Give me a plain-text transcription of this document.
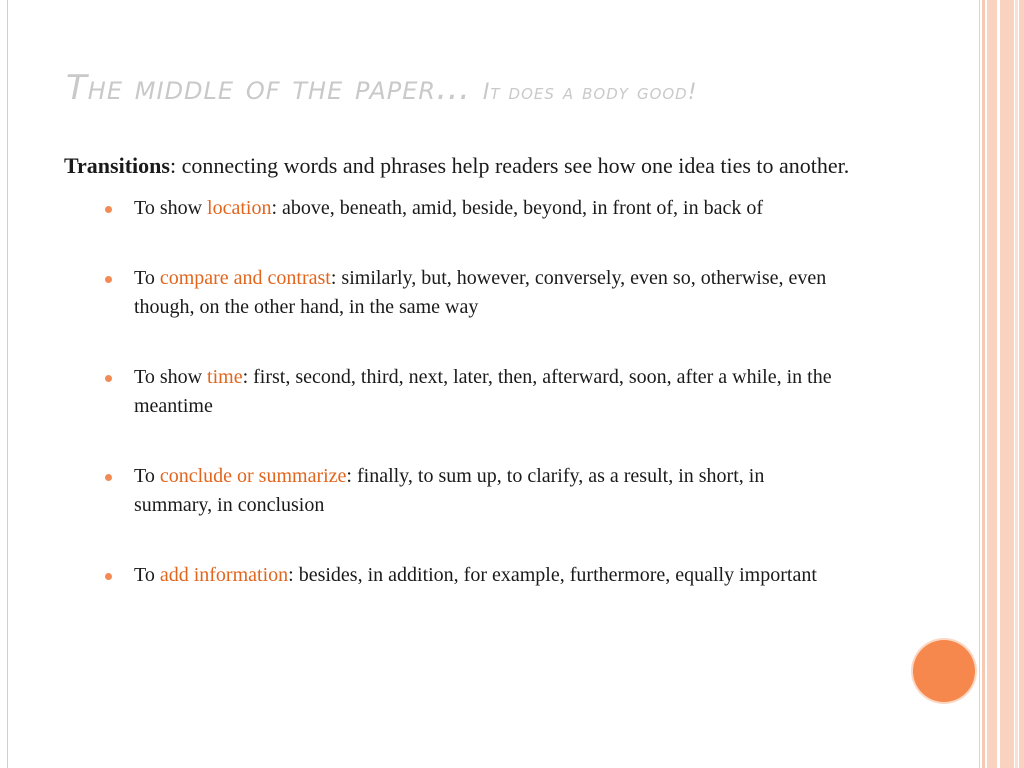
The middle of the paper… It does a body good!

Transitions: connecting words and phrases help readers see how one idea ties to another.

To show location: above, beneath, amid, beside, beyond, in front of, in back of
To compare and contrast: similarly, but, however, conversely, even so, otherwise, even though, on the other hand, in the same way
To show time: first, second, third, next, later, then, afterward, soon, after a while, in the meantime
To conclude or summarize: finally, to sum up, to clarify, as a result, in short, in summary, in conclusion
To add information: besides, in addition, for example, furthermore, equally important
